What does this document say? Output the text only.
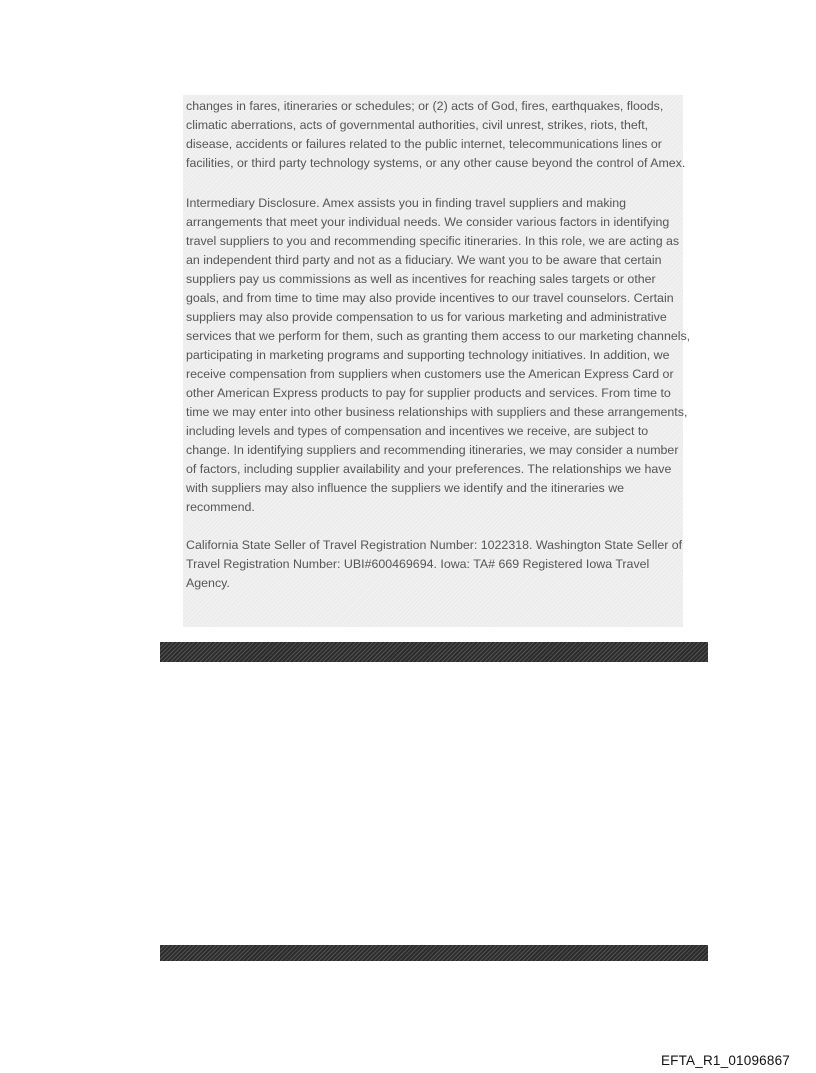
changes in fares, itineraries or schedules; or (2) acts of God, fires, earthquakes, floods,
climatic aberrations, acts of governmental authorities, civil unrest, strikes, riots, theft,
disease, accidents or failures related to the public internet, telecommunications lines or
facilities, or third party technology systems, or any other cause beyond the control of Amex.

Intermediary Disclosure. Amex assists you in finding travel suppliers and making
arrangements that meet your individual needs. We consider various factors in identifying
travel suppliers to you and recommending specific itineraries. In this role, we are acting as
an independent third party and not as a fiduciary. We want you to be aware that certain
suppliers pay us commissions as well as incentives for reaching sales targets or other
goals, and from time to time may also provide incentives to our travel counselors. Certain
suppliers may also provide compensation to us for various marketing and administrative
services that we perform for them, such as granting them access to our marketing channels,
participating in marketing programs and supporting technology initiatives. In addition, we
receive compensation from suppliers when customers use the American Express Card or
other American Express products to pay for supplier products and services. From time to
time we may enter into other business relationships with suppliers and these arrangements,
including levels and types of compensation and incentives we receive, are subject to
change. In identifying suppliers and recommending itineraries, we may consider a number
of factors, including supplier availability and your preferences. The relationships we have
with suppliers may also influence the suppliers we identify and the itineraries we
recommend.

California State Seller of Travel Registration Number: 1022318. Washington State Seller of
Travel Registration Number: UBI#600469694. Iowa: TA# 669 Registered Iowa Travel
Agency.

EFTA_R1_01096867
